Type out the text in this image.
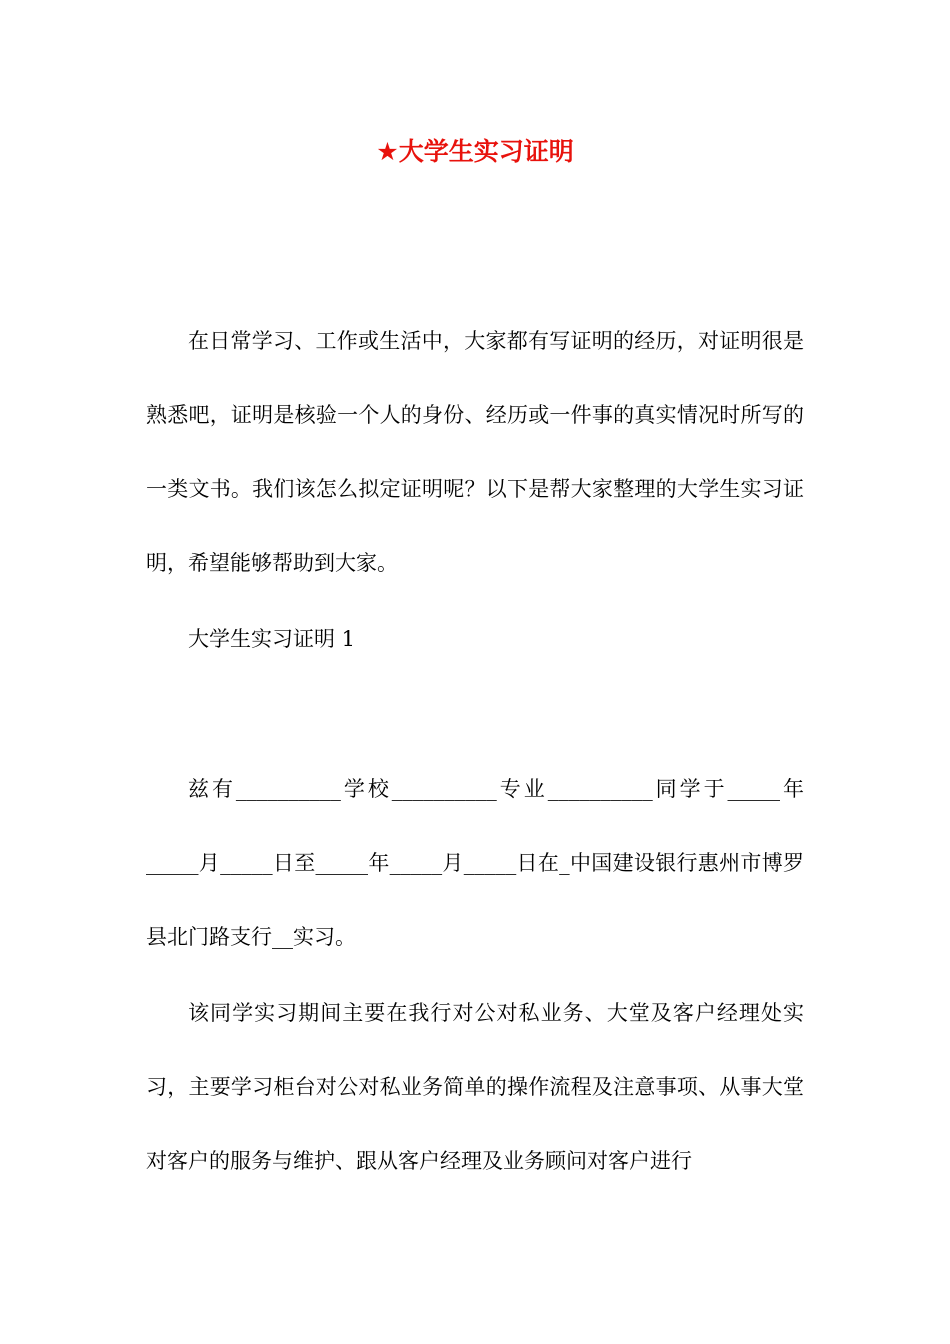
★大学生实习证明

在日常学习、工作或生活中，大家都有写证明的经历，对证明很是熟悉吧，证明是核验一个人的身份、经历或一件事的真实情况时所写的一类文书。我们该怎么拟定证明呢？以下是帮大家整理的大学生实习证明，希望能够帮助到大家。

大学生实习证明 1

兹有__________学校__________专业__________同学于_____年_____月_____日至_____年_____月_____日在_中国建设银行惠州市博罗县北门路支行__实习。

该同学实习期间主要在我行对公对私业务、大堂及客户经理处实习，主要学习柜台对公对私业务简单的操作流程及注意事项、从事大堂对客户的服务与维护、跟从客户经理及业务顾问对客户进行
